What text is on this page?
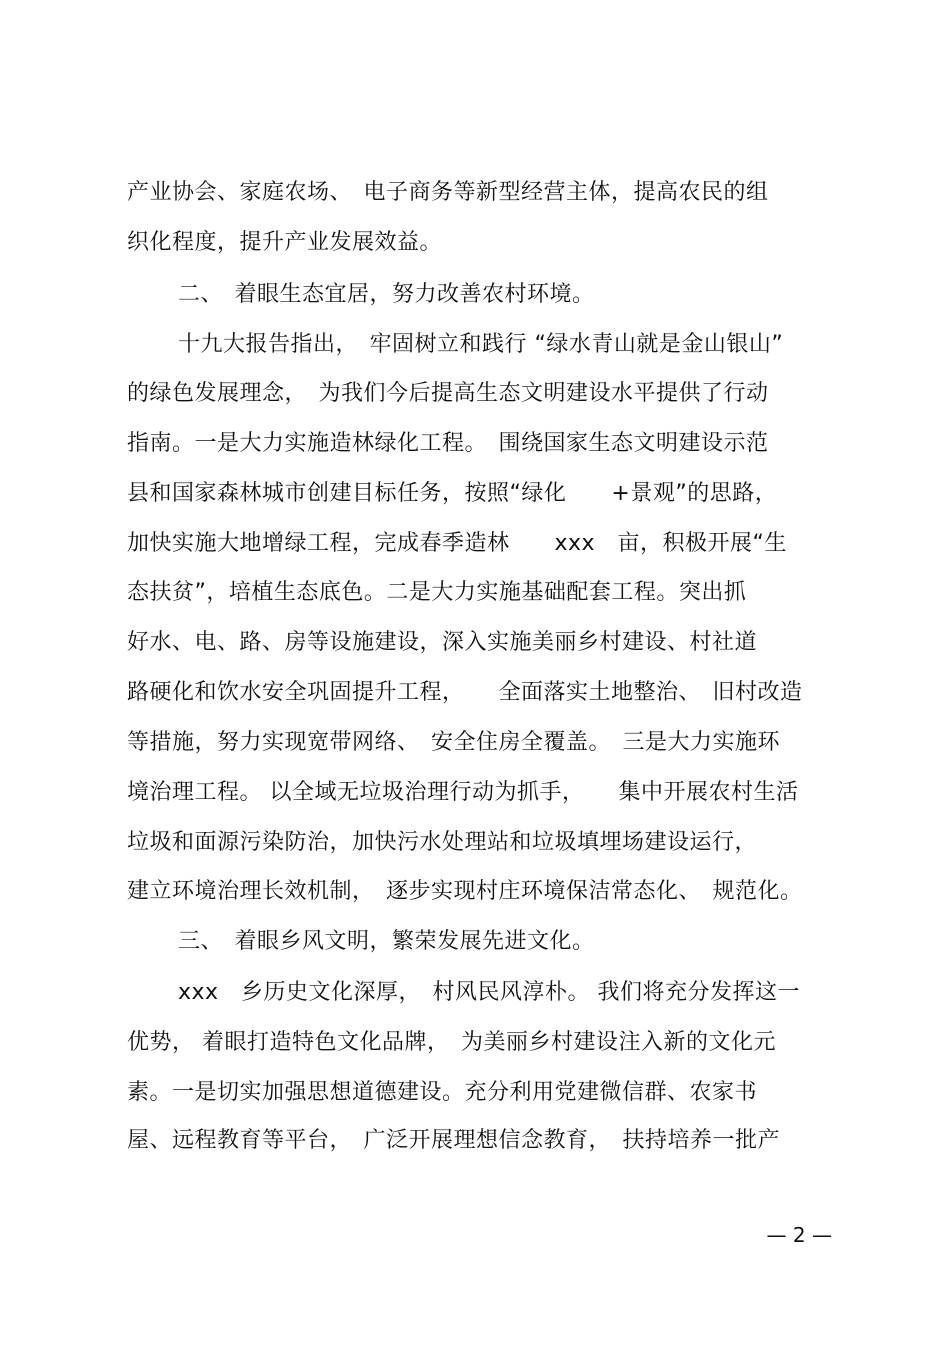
产业协会、家庭农场、　电子商务等新型经营主体，提高农民的组
织化程度，提升产业发展效益。
二、　着眼生态宜居，努力改善农村环境。
十九大报告指出，　牢固树立和践行 “绿水青山就是金山银山”
的绿色发展理念，　为我们今后提高生态文明建设水平提供了行动
指南。一是大力实施造林绿化工程。　围绕国家生态文明建设示范
县和国家森林城市创建目标任务，按照“绿化　　+景观”的思路，
加快实施大地增绿工程，完成春季造林　　xxx　亩，积极开展“生
态扶贫”，培植生态底色。二是大力实施基础配套工程。突出抓
好水、电、路、房等设施建设，深入实施美丽乡村建设、村社道
路硬化和饮水安全巩固提升工程，　　全面落实土地整治、　旧村改造
等措施，努力实现宽带网络、　安全住房全覆盖。　三是大力实施环
境治理工程。 以全域无垃圾治理行动为抓手，　　集中开展农村生活
垃圾和面源污染防治，加快污水处理站和垃圾填埋场建设运行，
建立环境治理长效机制，　逐步实现村庄环境保洁常态化、　规范化。
三、　着眼乡风文明，繁荣发展先进文化。
xxx　乡历史文化深厚，　村风民风淳朴。 我们将充分发挥这一
优势， 着眼打造特色文化品牌，　为美丽乡村建设注入新的文化元
素。一是切实加强思想道德建设。充分利用党建微信群、农家书
屋、远程教育等平台，　广泛开展理想信念教育，　扶持培养一批产
— 2 —
